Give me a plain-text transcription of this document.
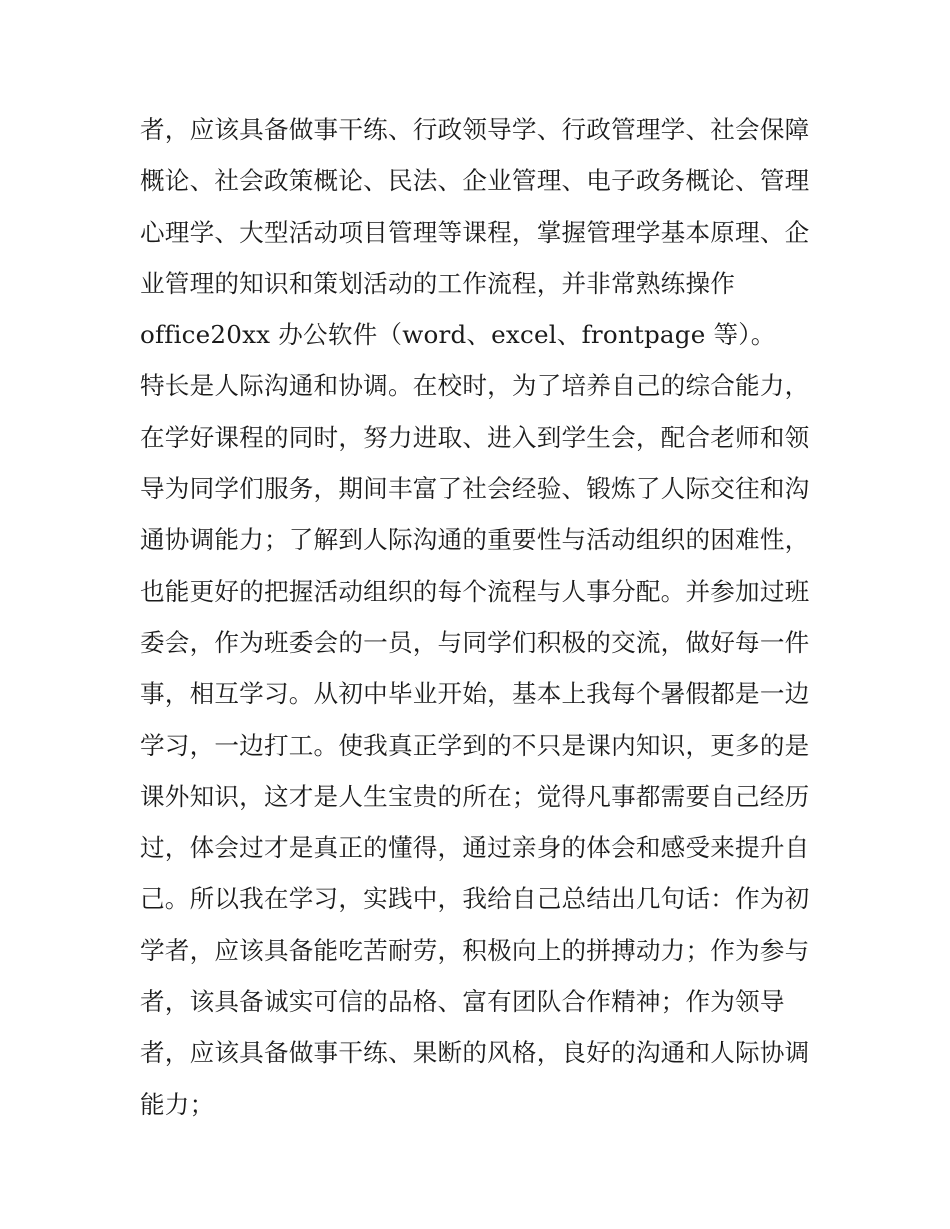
者，应该具备做事干练、行政领导学、行政管理学、社会保障
概论、社会政策概论、民法、企业管理、电子政务概论、管理
心理学、大型活动项目管理等课程，掌握管理学基本原理、企
业管理的知识和策划活动的工作流程，并非常熟练操作
office20xx 办公软件（word、excel、frontpage 等）。
特长是人际沟通和协调。在校时，为了培养自己的综合能力，
在学好课程的同时，努力进取、进入到学生会，配合老师和领
导为同学们服务，期间丰富了社会经验、锻炼了人际交往和沟
通协调能力；了解到人际沟通的重要性与活动组织的困难性，
也能更好的把握活动组织的每个流程与人事分配。并参加过班
委会，作为班委会的一员，与同学们积极的交流，做好每一件
事，相互学习。从初中毕业开始，基本上我每个暑假都是一边
学习，一边打工。使我真正学到的不只是课内知识，更多的是
课外知识，这才是人生宝贵的所在；觉得凡事都需要自己经历
过，体会过才是真正的懂得，通过亲身的体会和感受来提升自
己。所以我在学习，实践中，我给自己总结出几句话：作为初
学者，应该具备能吃苦耐劳，积极向上的拼搏动力；作为参与
者，该具备诚实可信的品格、富有团队合作精神；作为领导
者，应该具备做事干练、果断的风格，良好的沟通和人际协调
能力；
